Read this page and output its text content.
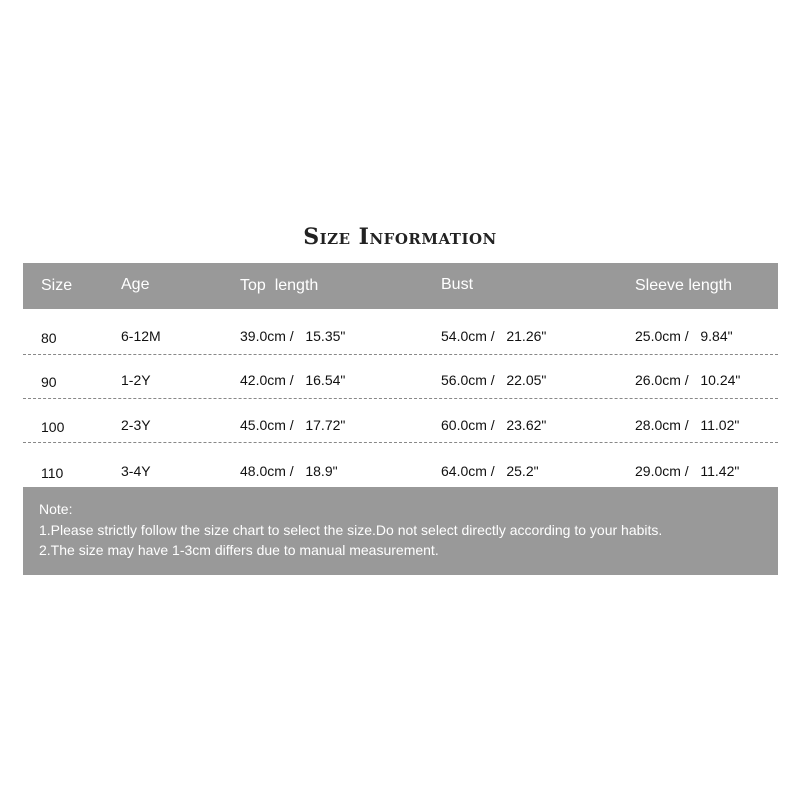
Size Information
Size	Age	Top  length	Bust	Sleeve length
80	6-12M	39.0cm /   15.35"	54.0cm /   21.26"	25.0cm /   9.84"
90	1-2Y	42.0cm /   16.54"	56.0cm /   22.05"	26.0cm /   10.24"
100	2-3Y	45.0cm /   17.72"	60.0cm /   23.62"	28.0cm /   11.02"
110	3-4Y	48.0cm /   18.9"	64.0cm /   25.2"	29.0cm /   11.42"
Note:
1.Please strictly follow the size chart to select the size.Do not select directly according to your habits.
2.The size may have 1-3cm differs due to manual measurement.
